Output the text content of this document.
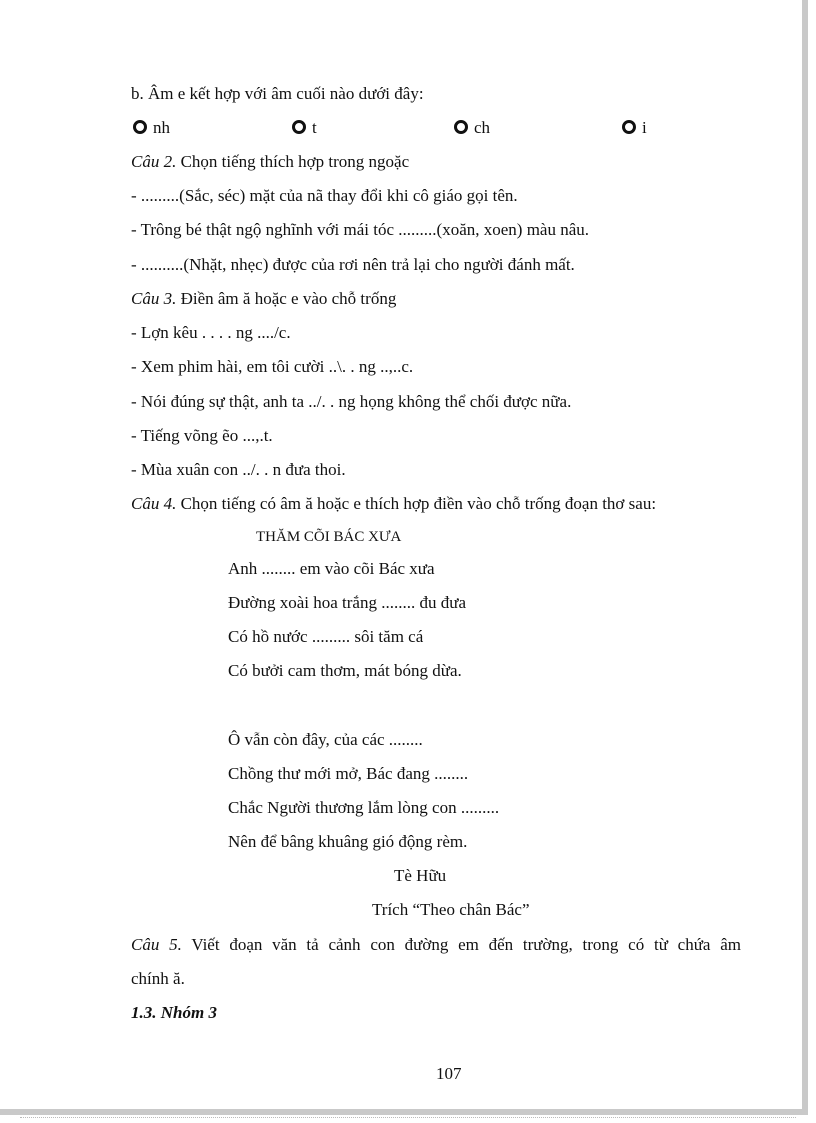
b. Âm e kết hợp với âm cuối nào dưới đây:
nh	t	ch	i
Câu 2. Chọn tiếng thích hợp trong ngoặc
- .........(Sắc, séc) mặt của nã thay đổi khi cô giáo gọi tên.
- Trông bé thật ngộ nghĩnh với mái tóc .........(xoăn, xoen) màu nâu.
- ..........(Nhặt, nhẹc) được của rơi nên trả lại cho người đánh mất.
Câu 3. Điền âm ă hoặc e vào chỗ trống
- Lợn kêu . . . . ng ..../c.
- Xem phim hài, em tôi cười ..\. . ng ..,..c.
- Nói đúng sự thật, anh ta ../. . ng họng không thể chối được nữa.
- Tiếng võng ẽo ...,.t.
- Mùa xuân con ../. . n đưa thoi.
Câu 4. Chọn tiếng có âm ă hoặc e thích hợp điền vào chỗ trống đoạn thơ sau:
THĂM CÕI BÁC XƯA
Anh ........ em vào cõi Bác xưa
Đường xoài hoa trắng ........ đu đưa
Có hồ nước ......... sôi tăm cá
Có bưởi cam thơm, mát bóng dừa.
Ô vẫn còn đây, của các ........
Chồng thư mới mở, Bác đang ........
Chắc Người thương lắm lòng con .........
Nên để bâng khuâng gió động rèm.
Tè Hữu
Trích “Theo chân Bác”
Câu 5. Viết đoạn văn tả cảnh con đường em đến trường, trong có từ chứa âm
chính ă.
1.3. Nhóm 3
107
